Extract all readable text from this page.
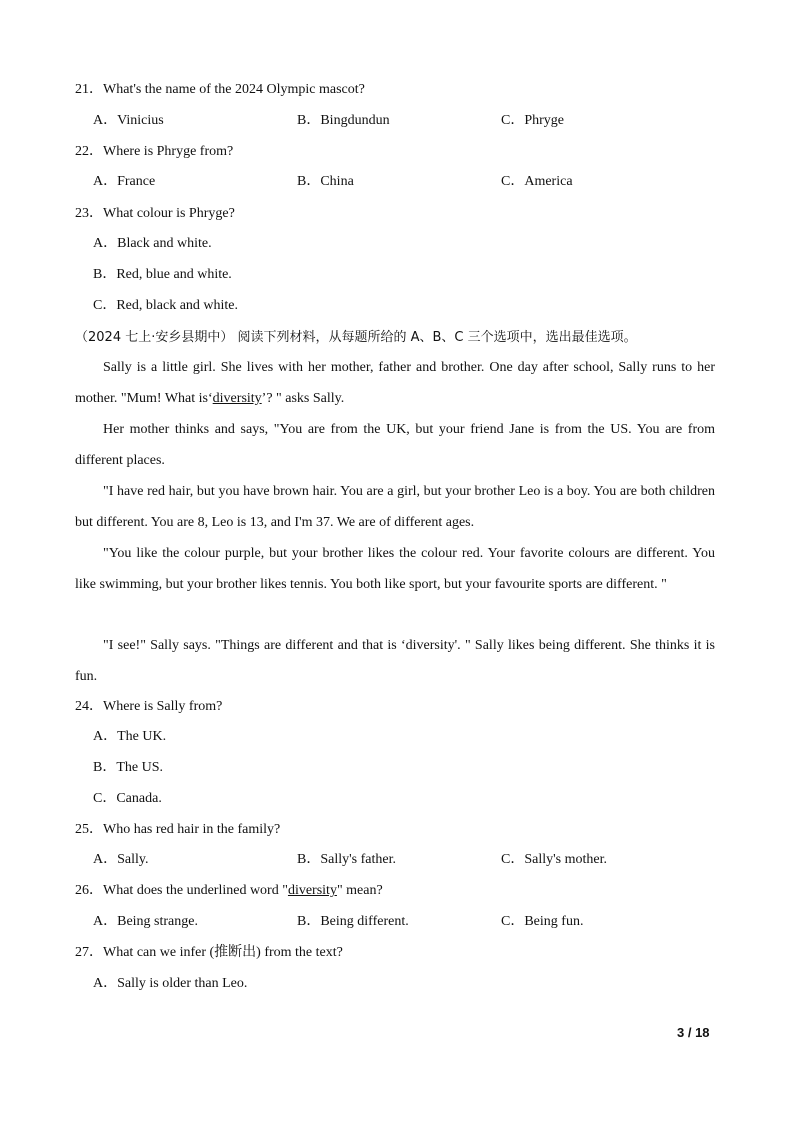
21．What's the name of the 2024 Olympic mascot?
A．Vinicius	B．Bingdundun	C．Phryge
22．Where is Phryge from?
A．France	B．China	C．America
23．What colour is Phryge?
A．Black and white.
B．Red, blue and white.
C．Red, black and white.
（2024 七上·安乡县期中） 阅读下列材料，从每题所给的 A、B、C 三个选项中，选出最佳选项。
Sally is a little girl. She lives with her mother, father and brother. One day after school, Sally runs to her mother. "Mum! What is‘diversity’? " asks Sally.
Her mother thinks and says, "You are from the UK, but your friend Jane is from the US. You are from different places.
"I have red hair, but you have brown hair. You are a girl, but your brother Leo is a boy. You are both children but different. You are 8, Leo is 13, and I'm 37. We are of different ages.
"You like the colour purple, but your brother likes the colour red. Your favorite colours are different. You like swimming, but your brother likes tennis. You both like sport, but your favourite sports are different. "
"I see!" Sally says. "Things are different and that is ‘diversity'. " Sally likes being different. She thinks it is fun.
24．Where is Sally from?
A．The UK.
B．The US.
C．Canada.
25．Who has red hair in the family?
A．Sally.	B．Sally's father.	C．Sally's mother.
26．What does the underlined word "diversity" mean?
A．Being strange.	B．Being different.	C．Being fun.
27．What can we infer (推断出) from the text?
A．Sally is older than Leo.
3 / 18
